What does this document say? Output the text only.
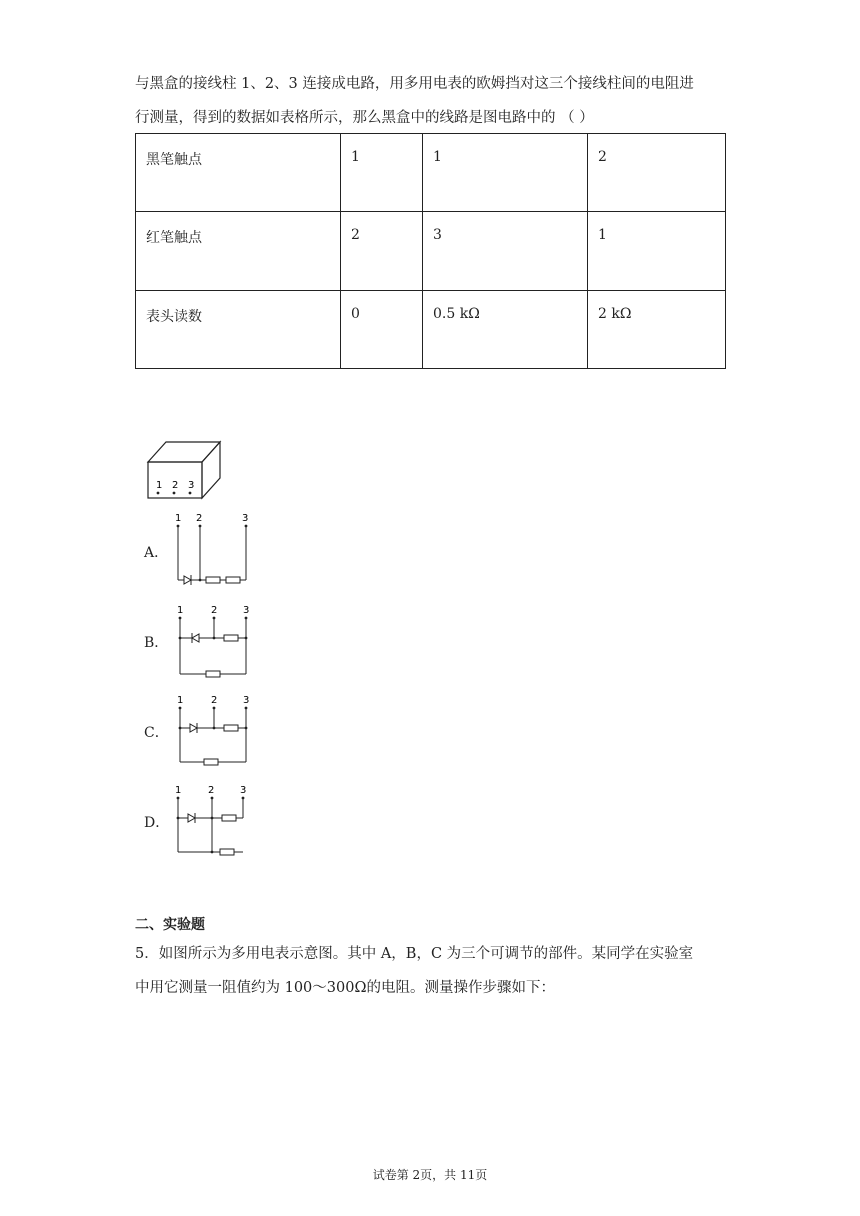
与黑盒的接线柱 1、2、3 连接成电路，用多用电表的欧姆挡对这三个接线柱间的电阻进
行测量，得到的数据如表格所示，那么黑盒中的线路是图电路中的 （ ）
黑笔触点	1	1	2
红笔触点	2	3	1
表头读数	0	0.5 kΩ	2 kΩ
1 2 3
A．
1 2	3
B．
1	2	3
C．
1	2	3
D．
1	2	3
二、实验题
5．如图所示为多用电表示意图。其中 A，B，C 为三个可调节的部件。某同学在实验室
中用它测量一阻值约为 100～300Ω的电阻。测量操作步骤如下：
试卷第 2页，共 11页
